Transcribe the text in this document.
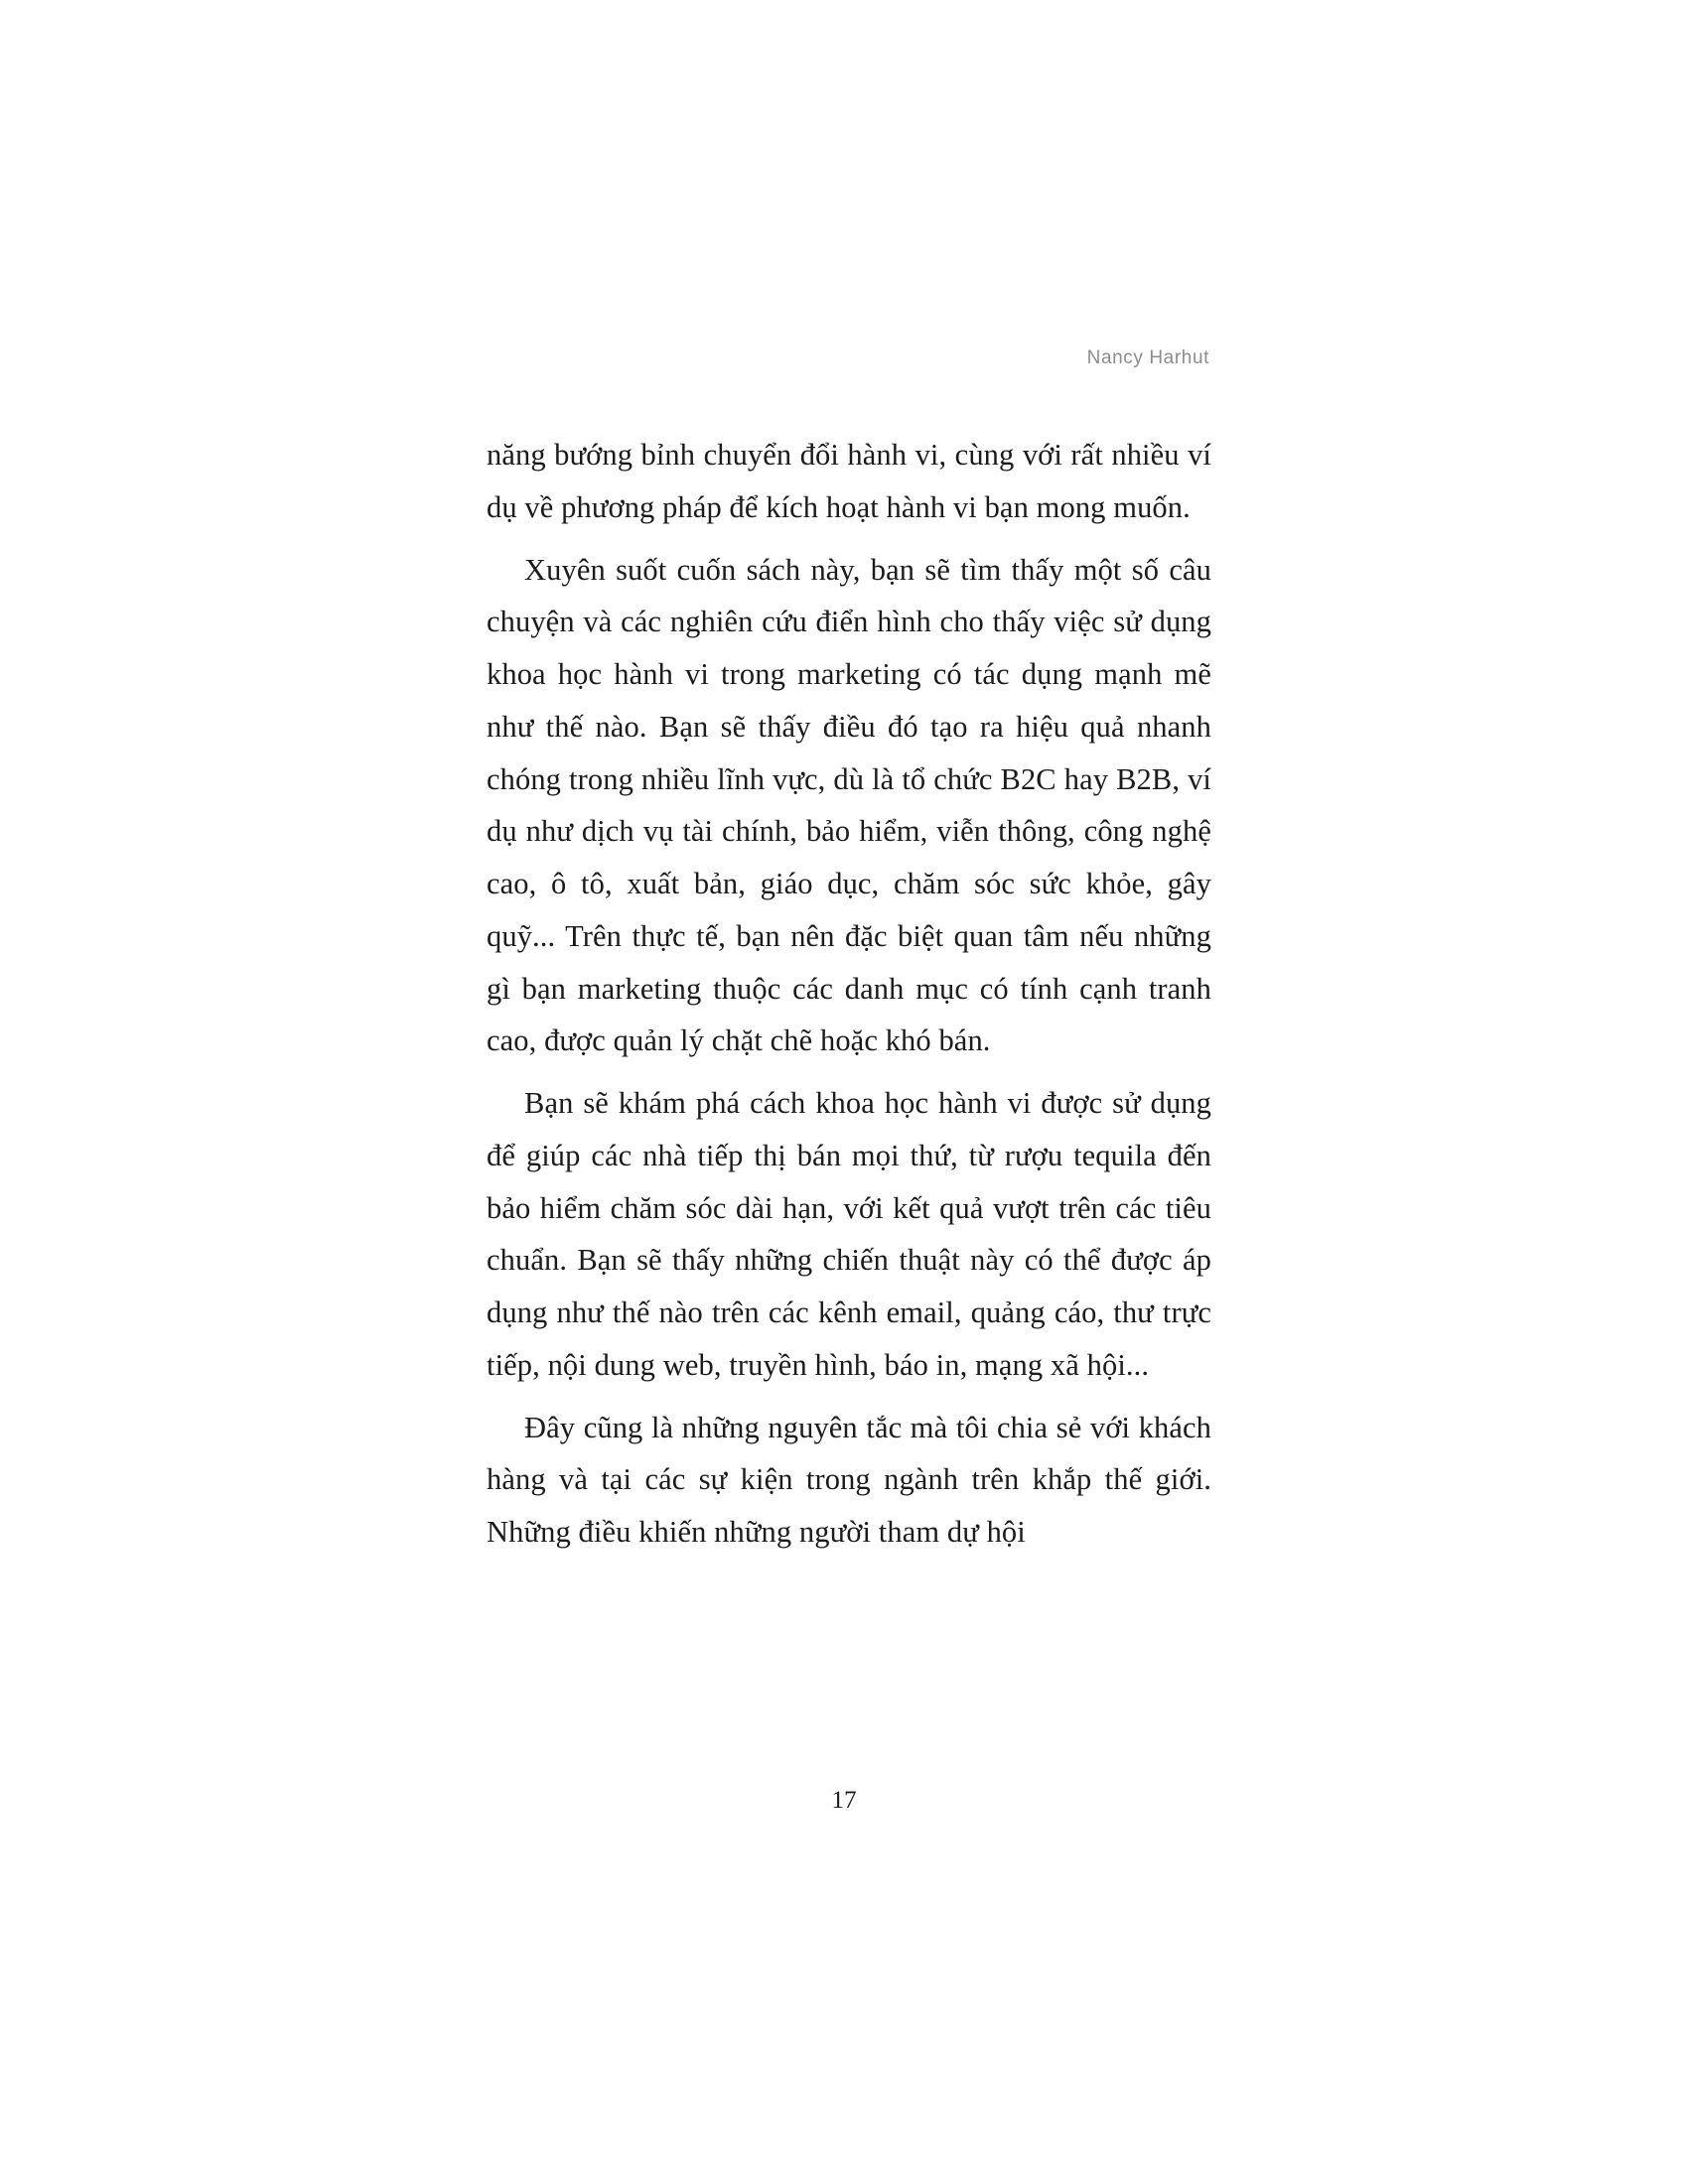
Nancy Harhut

năng bướng bỉnh chuyển đổi hành vi, cùng với rất nhiều ví dụ về phương pháp để kích hoạt hành vi bạn mong muốn.

Xuyên suốt cuốn sách này, bạn sẽ tìm thấy một số câu chuyện và các nghiên cứu điển hình cho thấy việc sử dụng khoa học hành vi trong marketing có tác dụng mạnh mẽ như thế nào. Bạn sẽ thấy điều đó tạo ra hiệu quả nhanh chóng trong nhiều lĩnh vực, dù là tổ chức B2C hay B2B, ví dụ như dịch vụ tài chính, bảo hiểm, viễn thông, công nghệ cao, ô tô, xuất bản, giáo dục, chăm sóc sức khỏe, gây quỹ... Trên thực tế, bạn nên đặc biệt quan tâm nếu những gì bạn marketing thuộc các danh mục có tính cạnh tranh cao, được quản lý chặt chẽ hoặc khó bán.

Bạn sẽ khám phá cách khoa học hành vi được sử dụng để giúp các nhà tiếp thị bán mọi thứ, từ rượu tequila đến bảo hiểm chăm sóc dài hạn, với kết quả vượt trên các tiêu chuẩn. Bạn sẽ thấy những chiến thuật này có thể được áp dụng như thế nào trên các kênh email, quảng cáo, thư trực tiếp, nội dung web, truyền hình, báo in, mạng xã hội...

Đây cũng là những nguyên tắc mà tôi chia sẻ với khách hàng và tại các sự kiện trong ngành trên khắp thế giới. Những điều khiến những người tham dự hội

17
